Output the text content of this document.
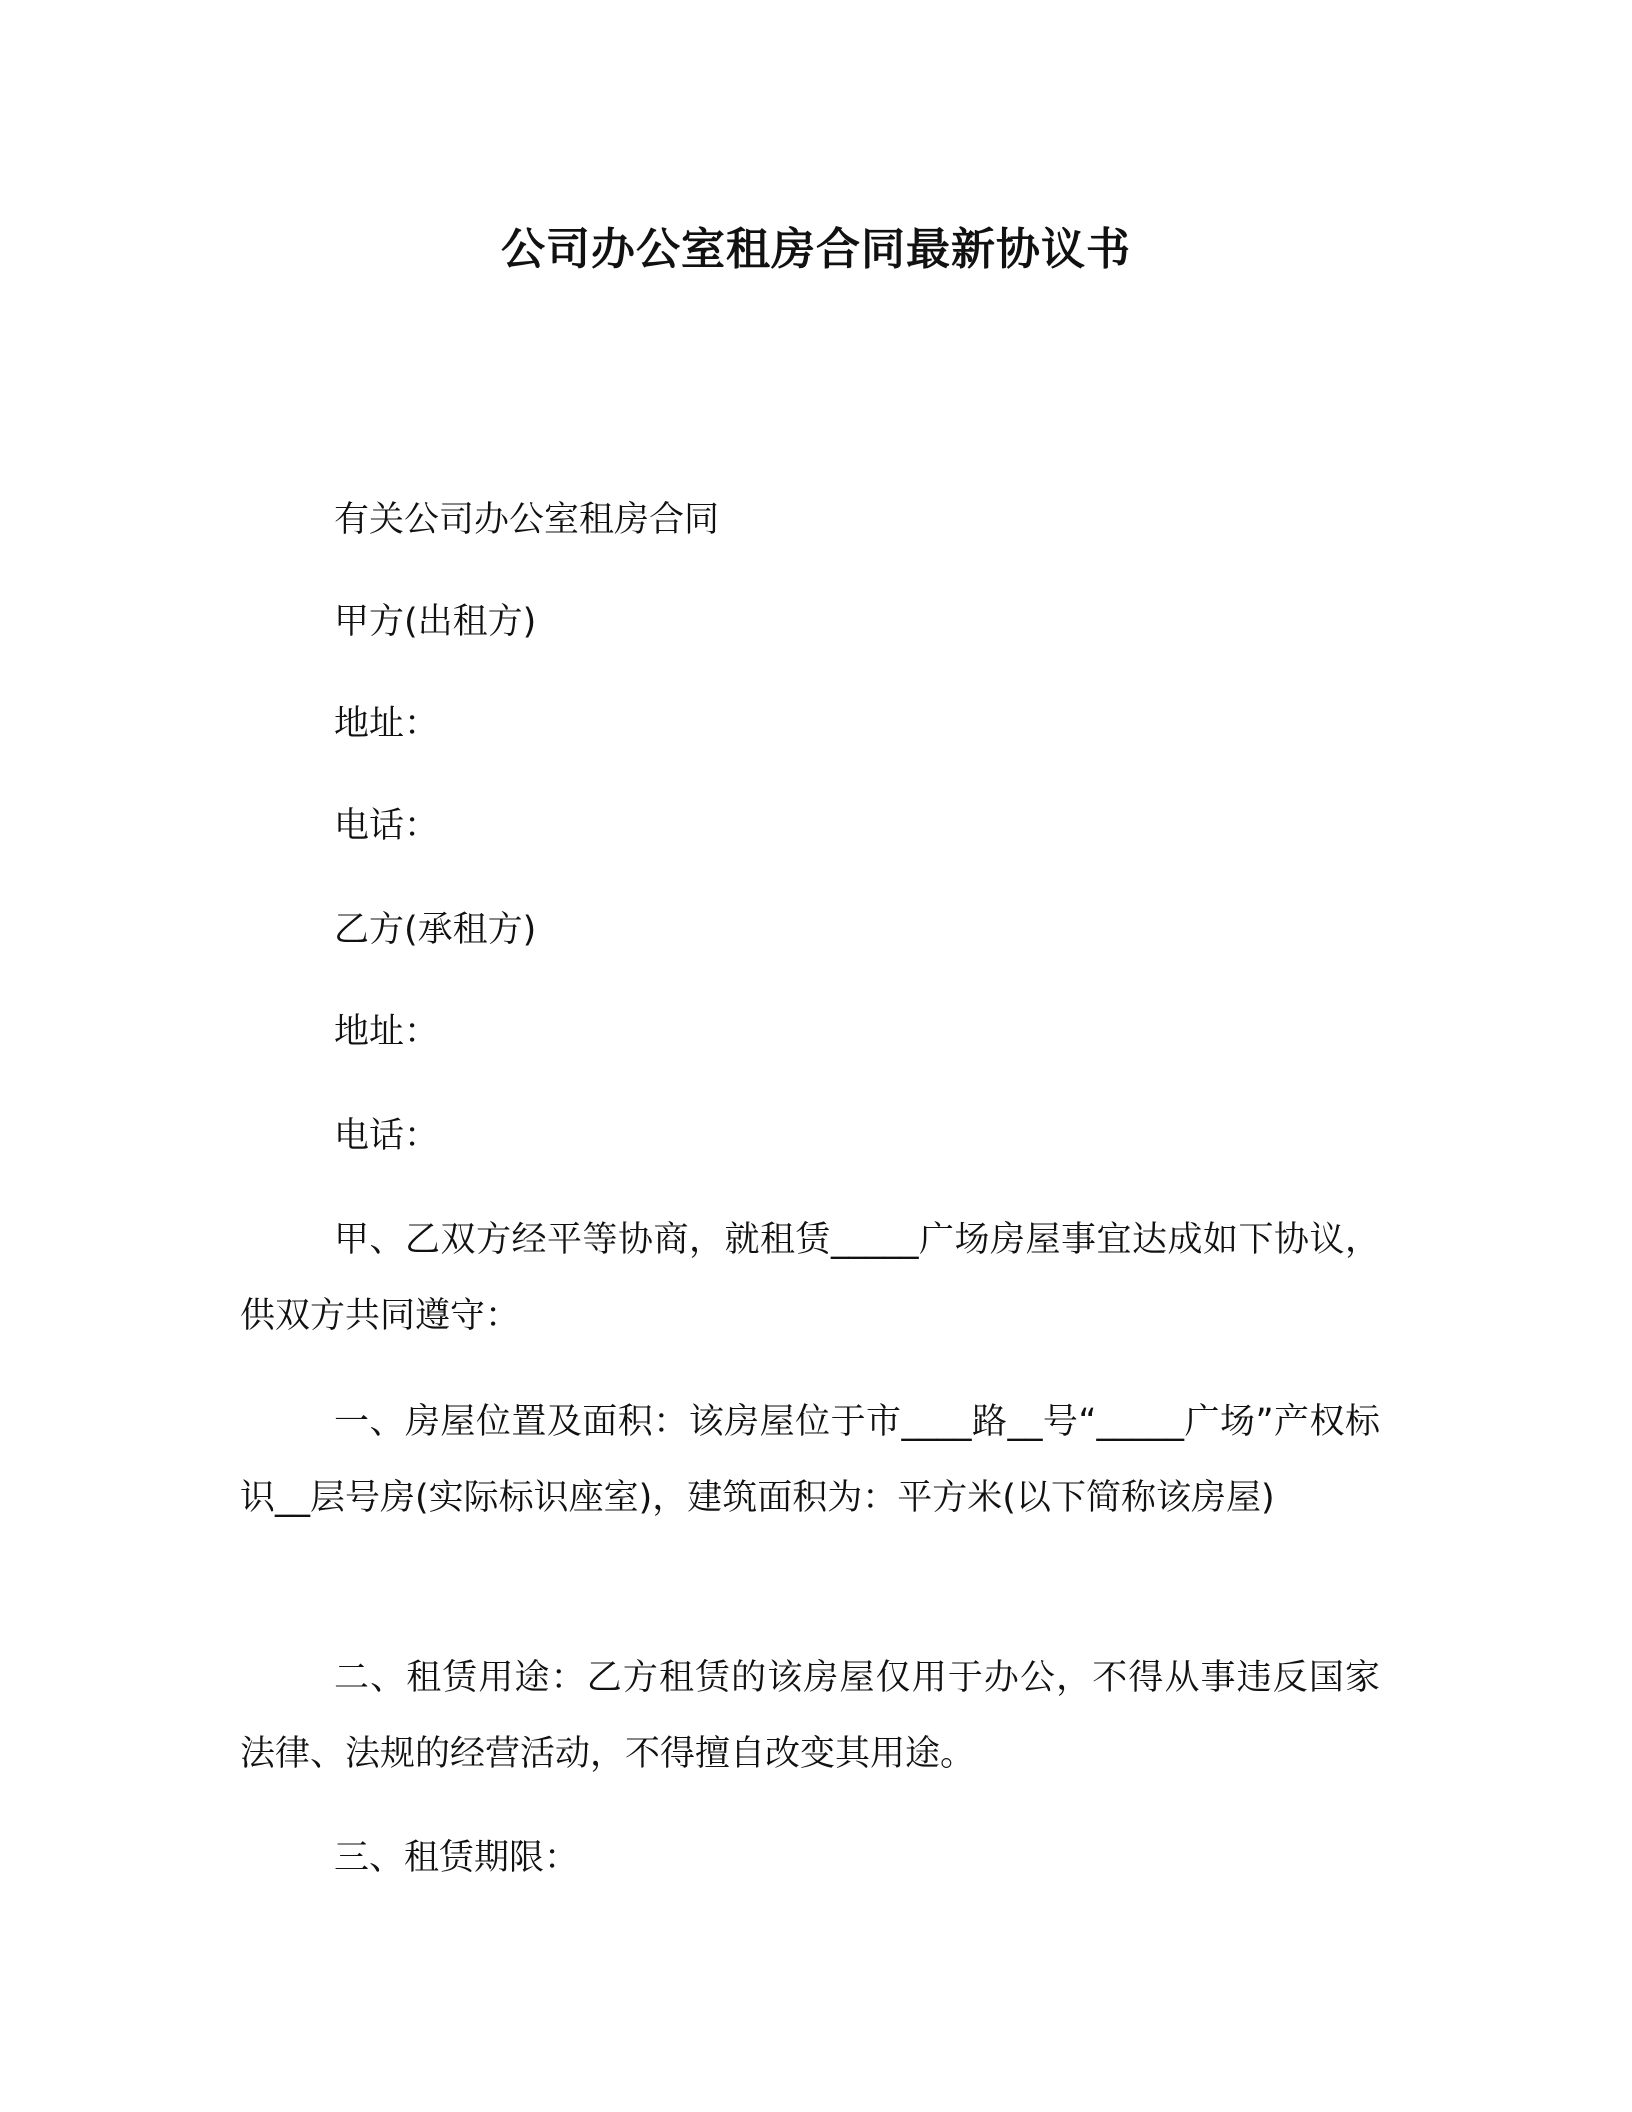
公司办公室租房合同最新协议书
有关公司办公室租房合同
甲方(出租方)
地址：
电话：
乙方(承租方)
地址：
电话：
甲、乙双方经平等协商，就租赁_____广场房屋事宜达成如下协议，供双方共同遵守：
一、房屋位置及面积：该房屋位于市____路__号“_____广场”产权标识__层号房(实际标识座室)，建筑面积为：平方米(以下简称该房屋)
二、租赁用途：乙方租赁的该房屋仅用于办公，不得从事违反国家法律、法规的经营活动，不得擅自改变其用途。
三、租赁期限：
